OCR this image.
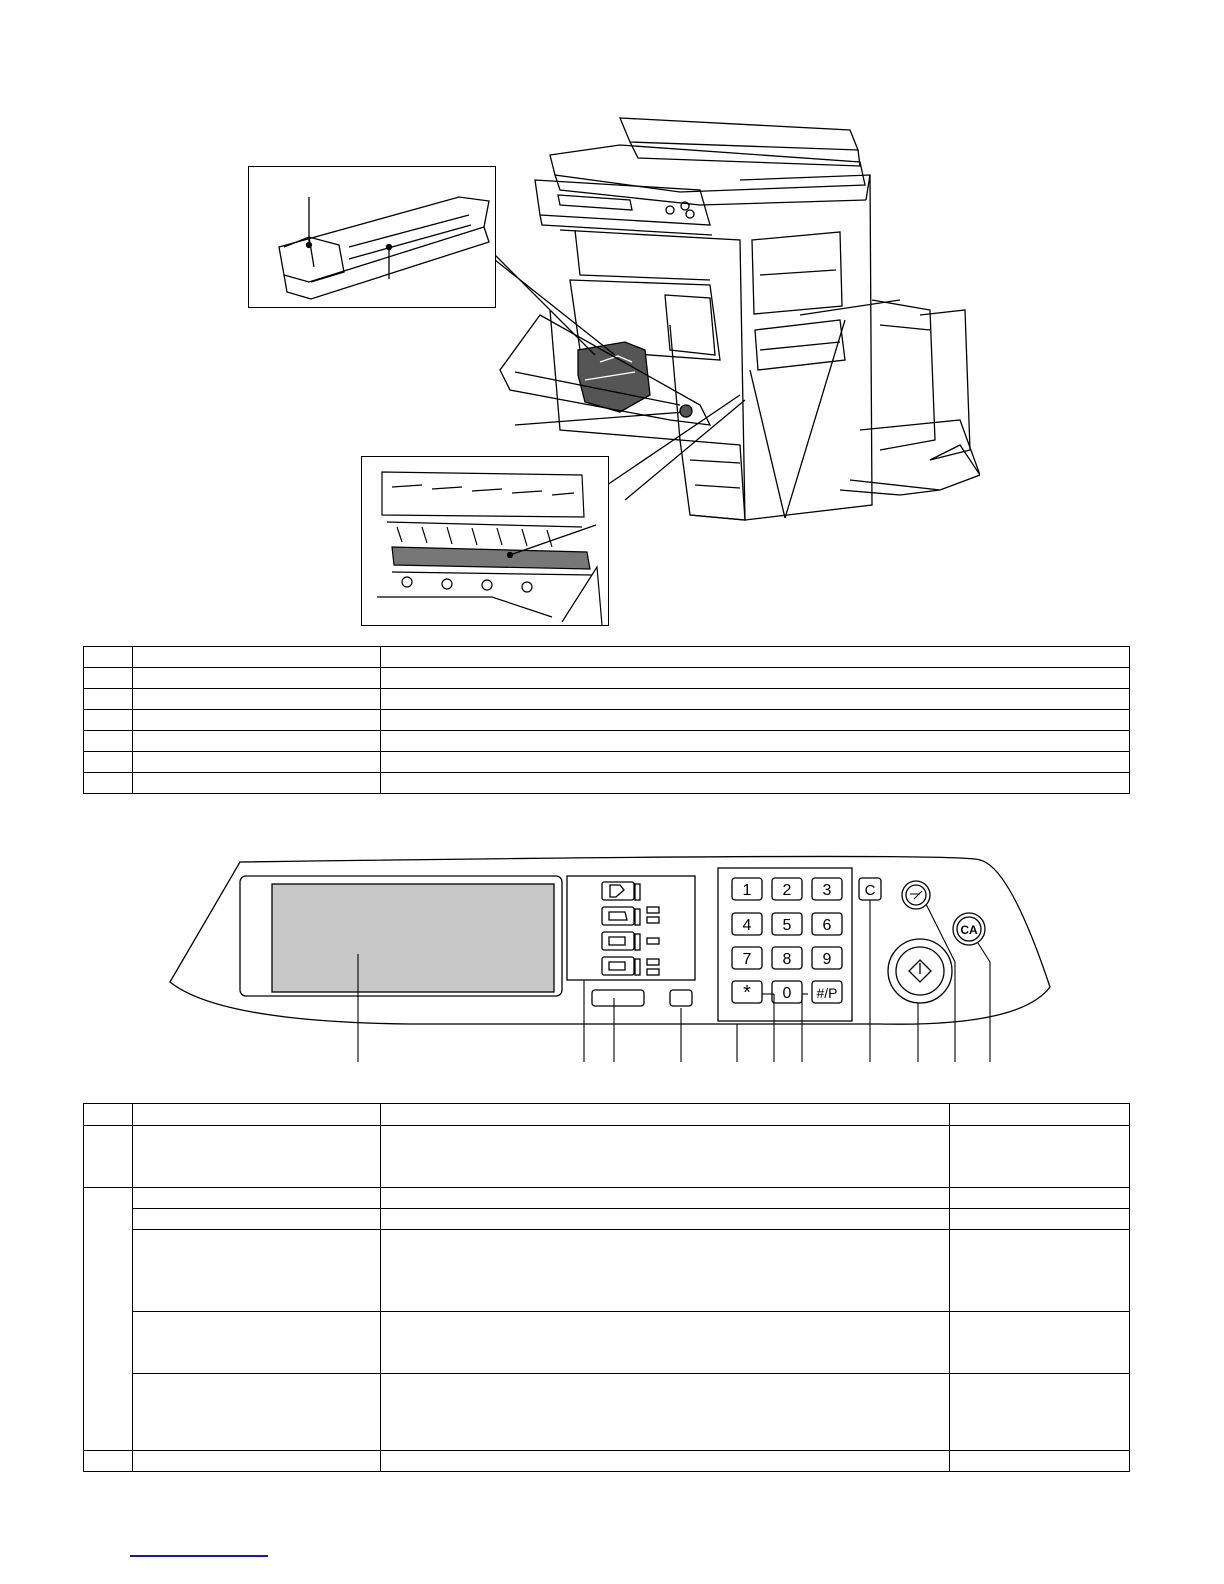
1 2 3
4 5 6
7 8 9
* 0 #/P
C
CA
